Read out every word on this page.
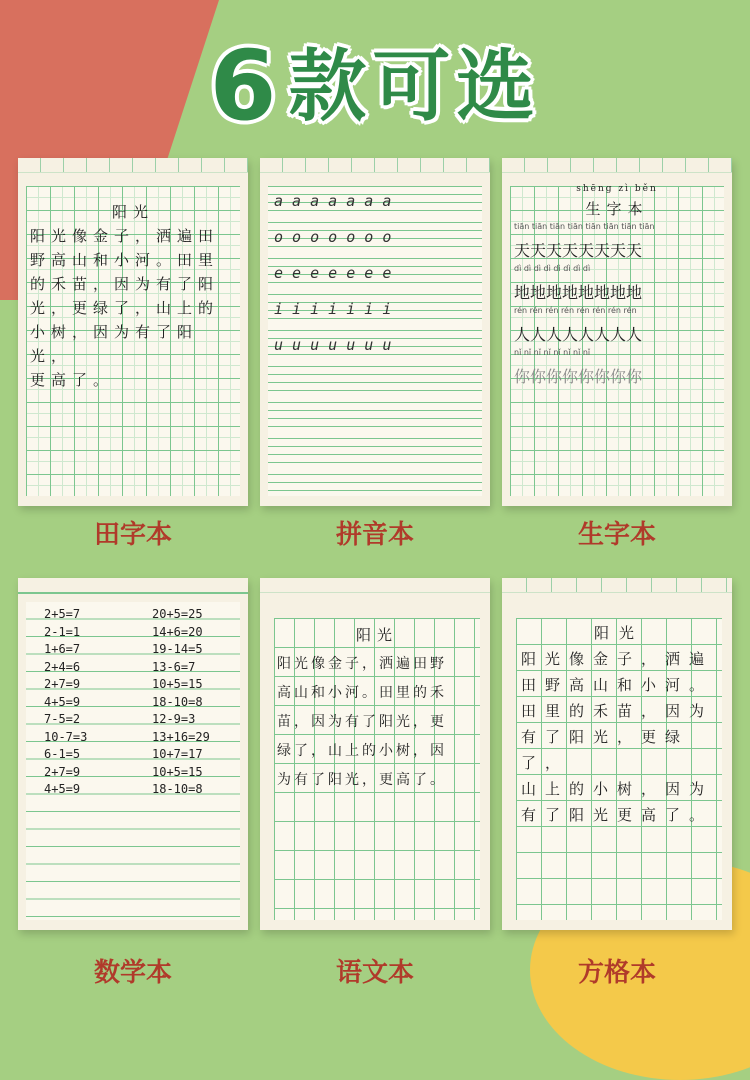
6款可选
阳光
阳光像金子，洒遍田
野高山和小河。田里
的禾苗，因为有了阳
光，更绿了，山上的
小树，因为有了阳光，
更高了。
田字本
a a a a a a a
o o o o o o o
e e e e e e e
i i i i i i i
u u u u u u u
拼音本
shēng zì běn
生字本
tiān tiān tiān tiān tiān tiān tiān tiān
天天天天天天天天
dì dì dì dì dì dì dì dì
地地地地地地地地
rén rén rén rén rén rén rén rén
人人人人人人人人
nǐ nǐ nǐ nǐ nǐ nǐ nǐ nǐ
你你你你你你你你
生字本
2+5=7	20+5=25
2-1=1	14+6=20
1+6=7	19-14=5
2+4=6	13-6=7
2+7=9	10+5=15
4+5=9	18-10=8
7-5=2	12-9=3
10-7=3	13+16=29
6-1=5	10+7=17
2+7=9	10+5=15
4+5=9	18-10=8
数学本
阳光
阳光像金子，洒遍田野
高山和小河。田里的禾
苗，因为有了阳光，更
绿了，山上的小树，因
为有了阳光，更高了。
语文本
阳光
阳光像金子，洒遍
田野高山和小河。
田里的禾苗，因为
有了阳光，更绿了，
山上的小树，因为
有了阳光更高了。
方格本
